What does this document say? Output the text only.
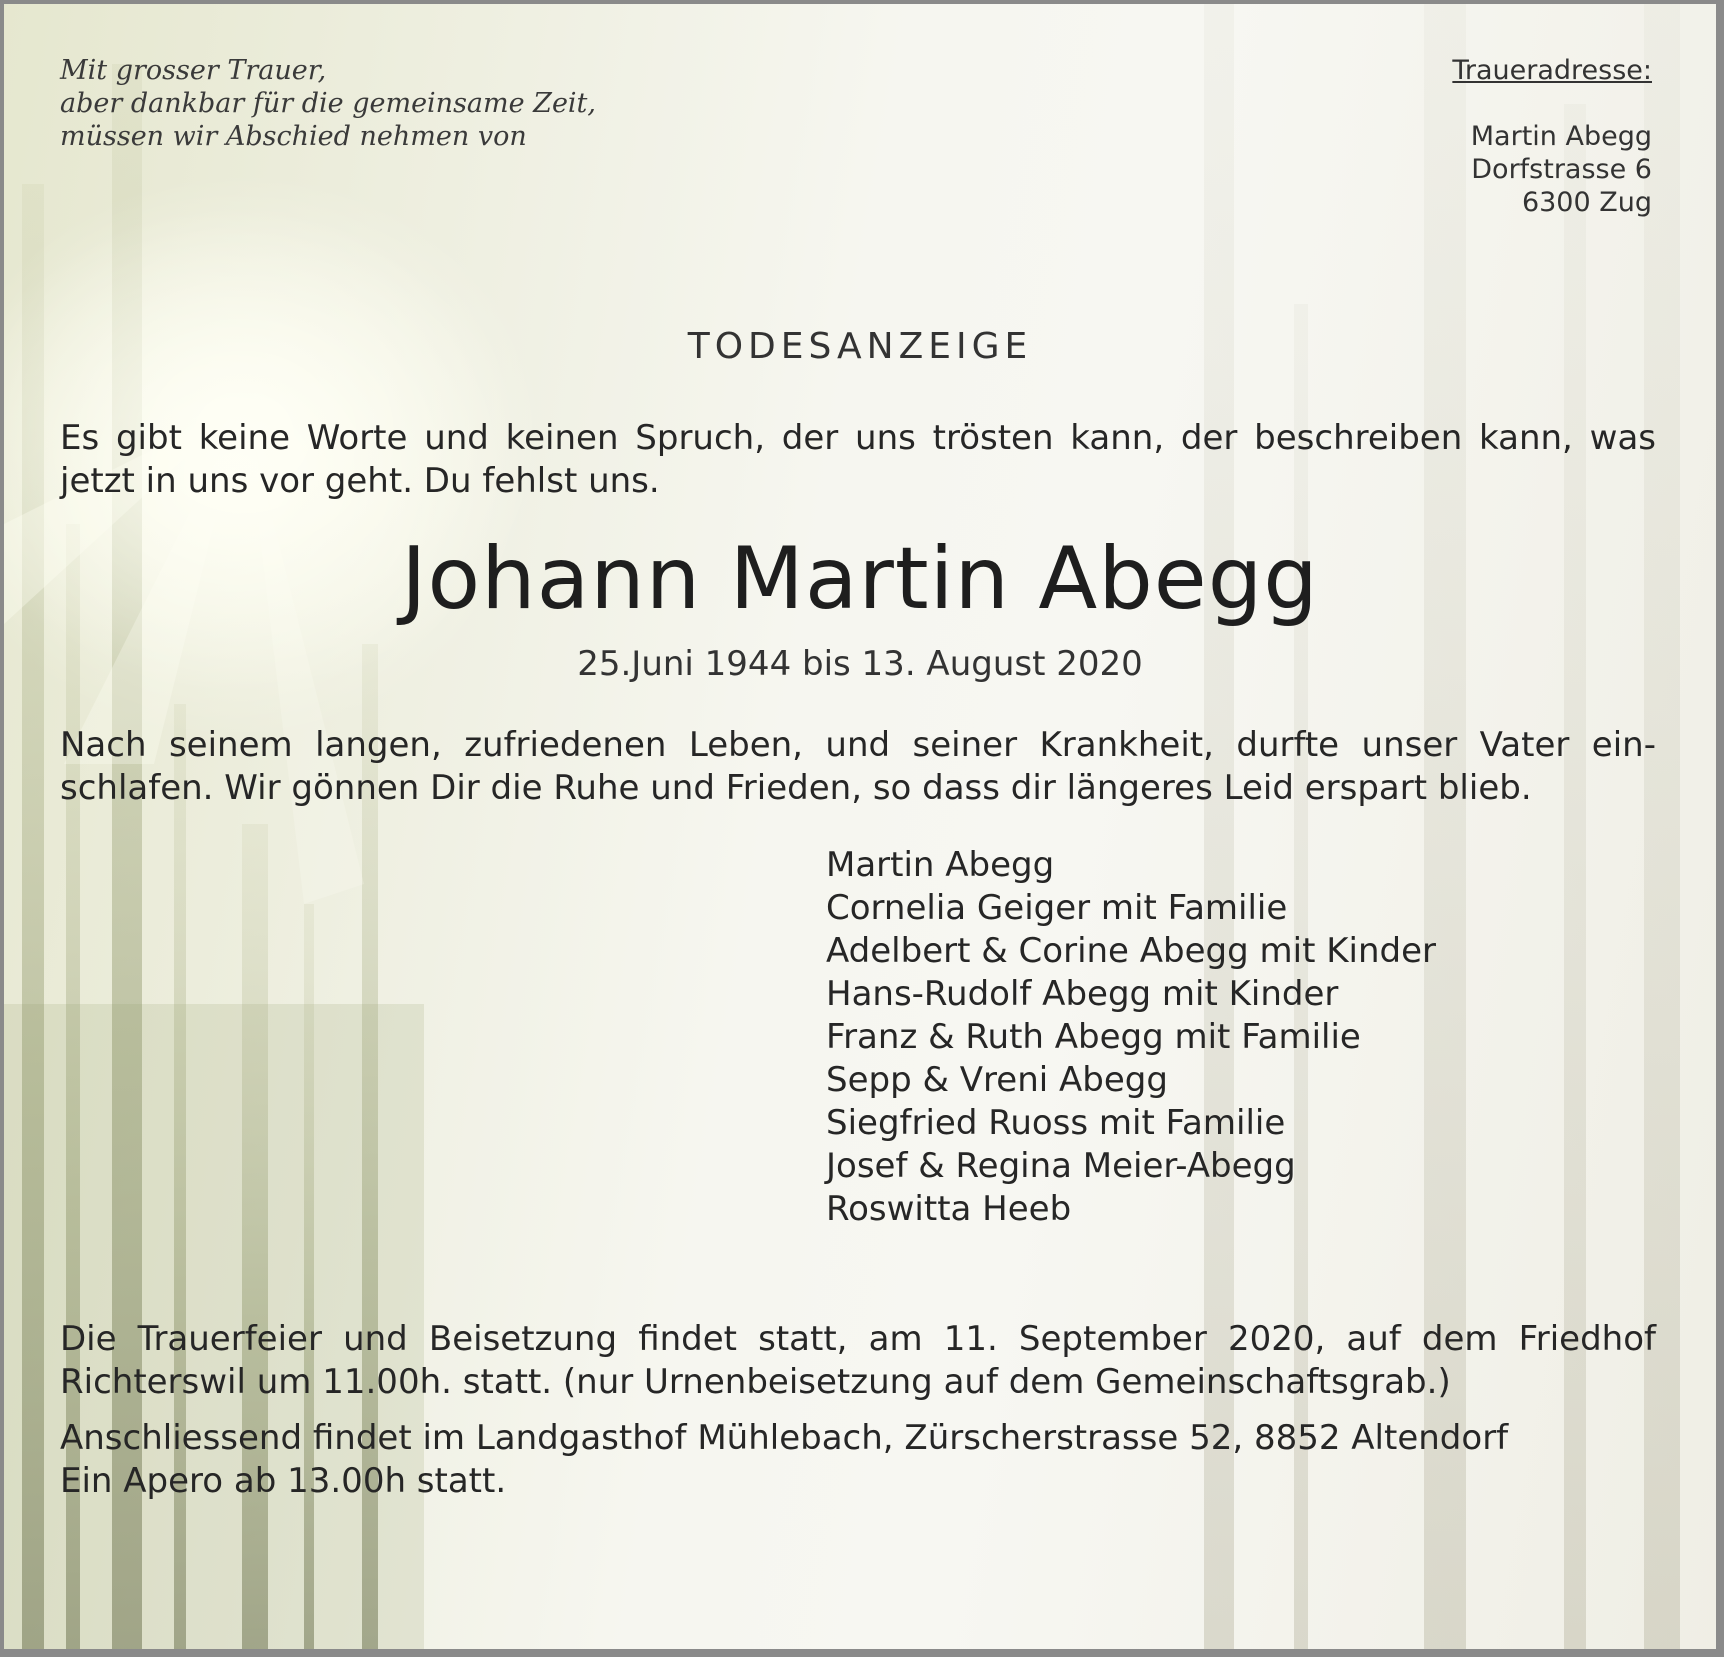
Mit grosser Trauer,
aber dankbar für die gemeinsame Zeit,
müssen wir Abschied nehmen von

Traueradresse:
Martin Abegg
Dorfstrasse 6
6300 Zug
TODESANZEIGE

Es gibt keine Worte und keinen Spruch, der uns trösten kann, der beschreiben kann, was jetzt in uns vor geht. Du fehlst uns.

Johann Martin Abegg
25.Juni 1944 bis 13. August 2020

Nach seinem langen, zufriedenen Leben, und seiner Krankheit, durfte unser Vater ein-schlafen. Wir gönnen Dir die Ruhe und Frieden, so dass dir längeres Leid erspart blieb.

Martin Abegg
Cornelia Geiger mit Familie
Adelbert & Corine Abegg mit Kinder
Hans-Rudolf Abegg mit Kinder
Franz & Ruth Abegg mit Familie
Sepp & Vreni Abegg
Siegfried Ruoss mit Familie
Josef & Regina Meier-Abegg
Roswitta Heeb

Die Trauerfeier und Beisetzung findet statt, am 11. September 2020, auf dem Friedhof Richterswil um 11.00h. statt. (nur Urnenbeisetzung auf dem Gemeinschaftsgrab.)

Anschliessend findet im Landgasthof Mühlebach, Zürscherstrasse 52, 8852 Altendorf
Ein Apero ab 13.00h statt.
